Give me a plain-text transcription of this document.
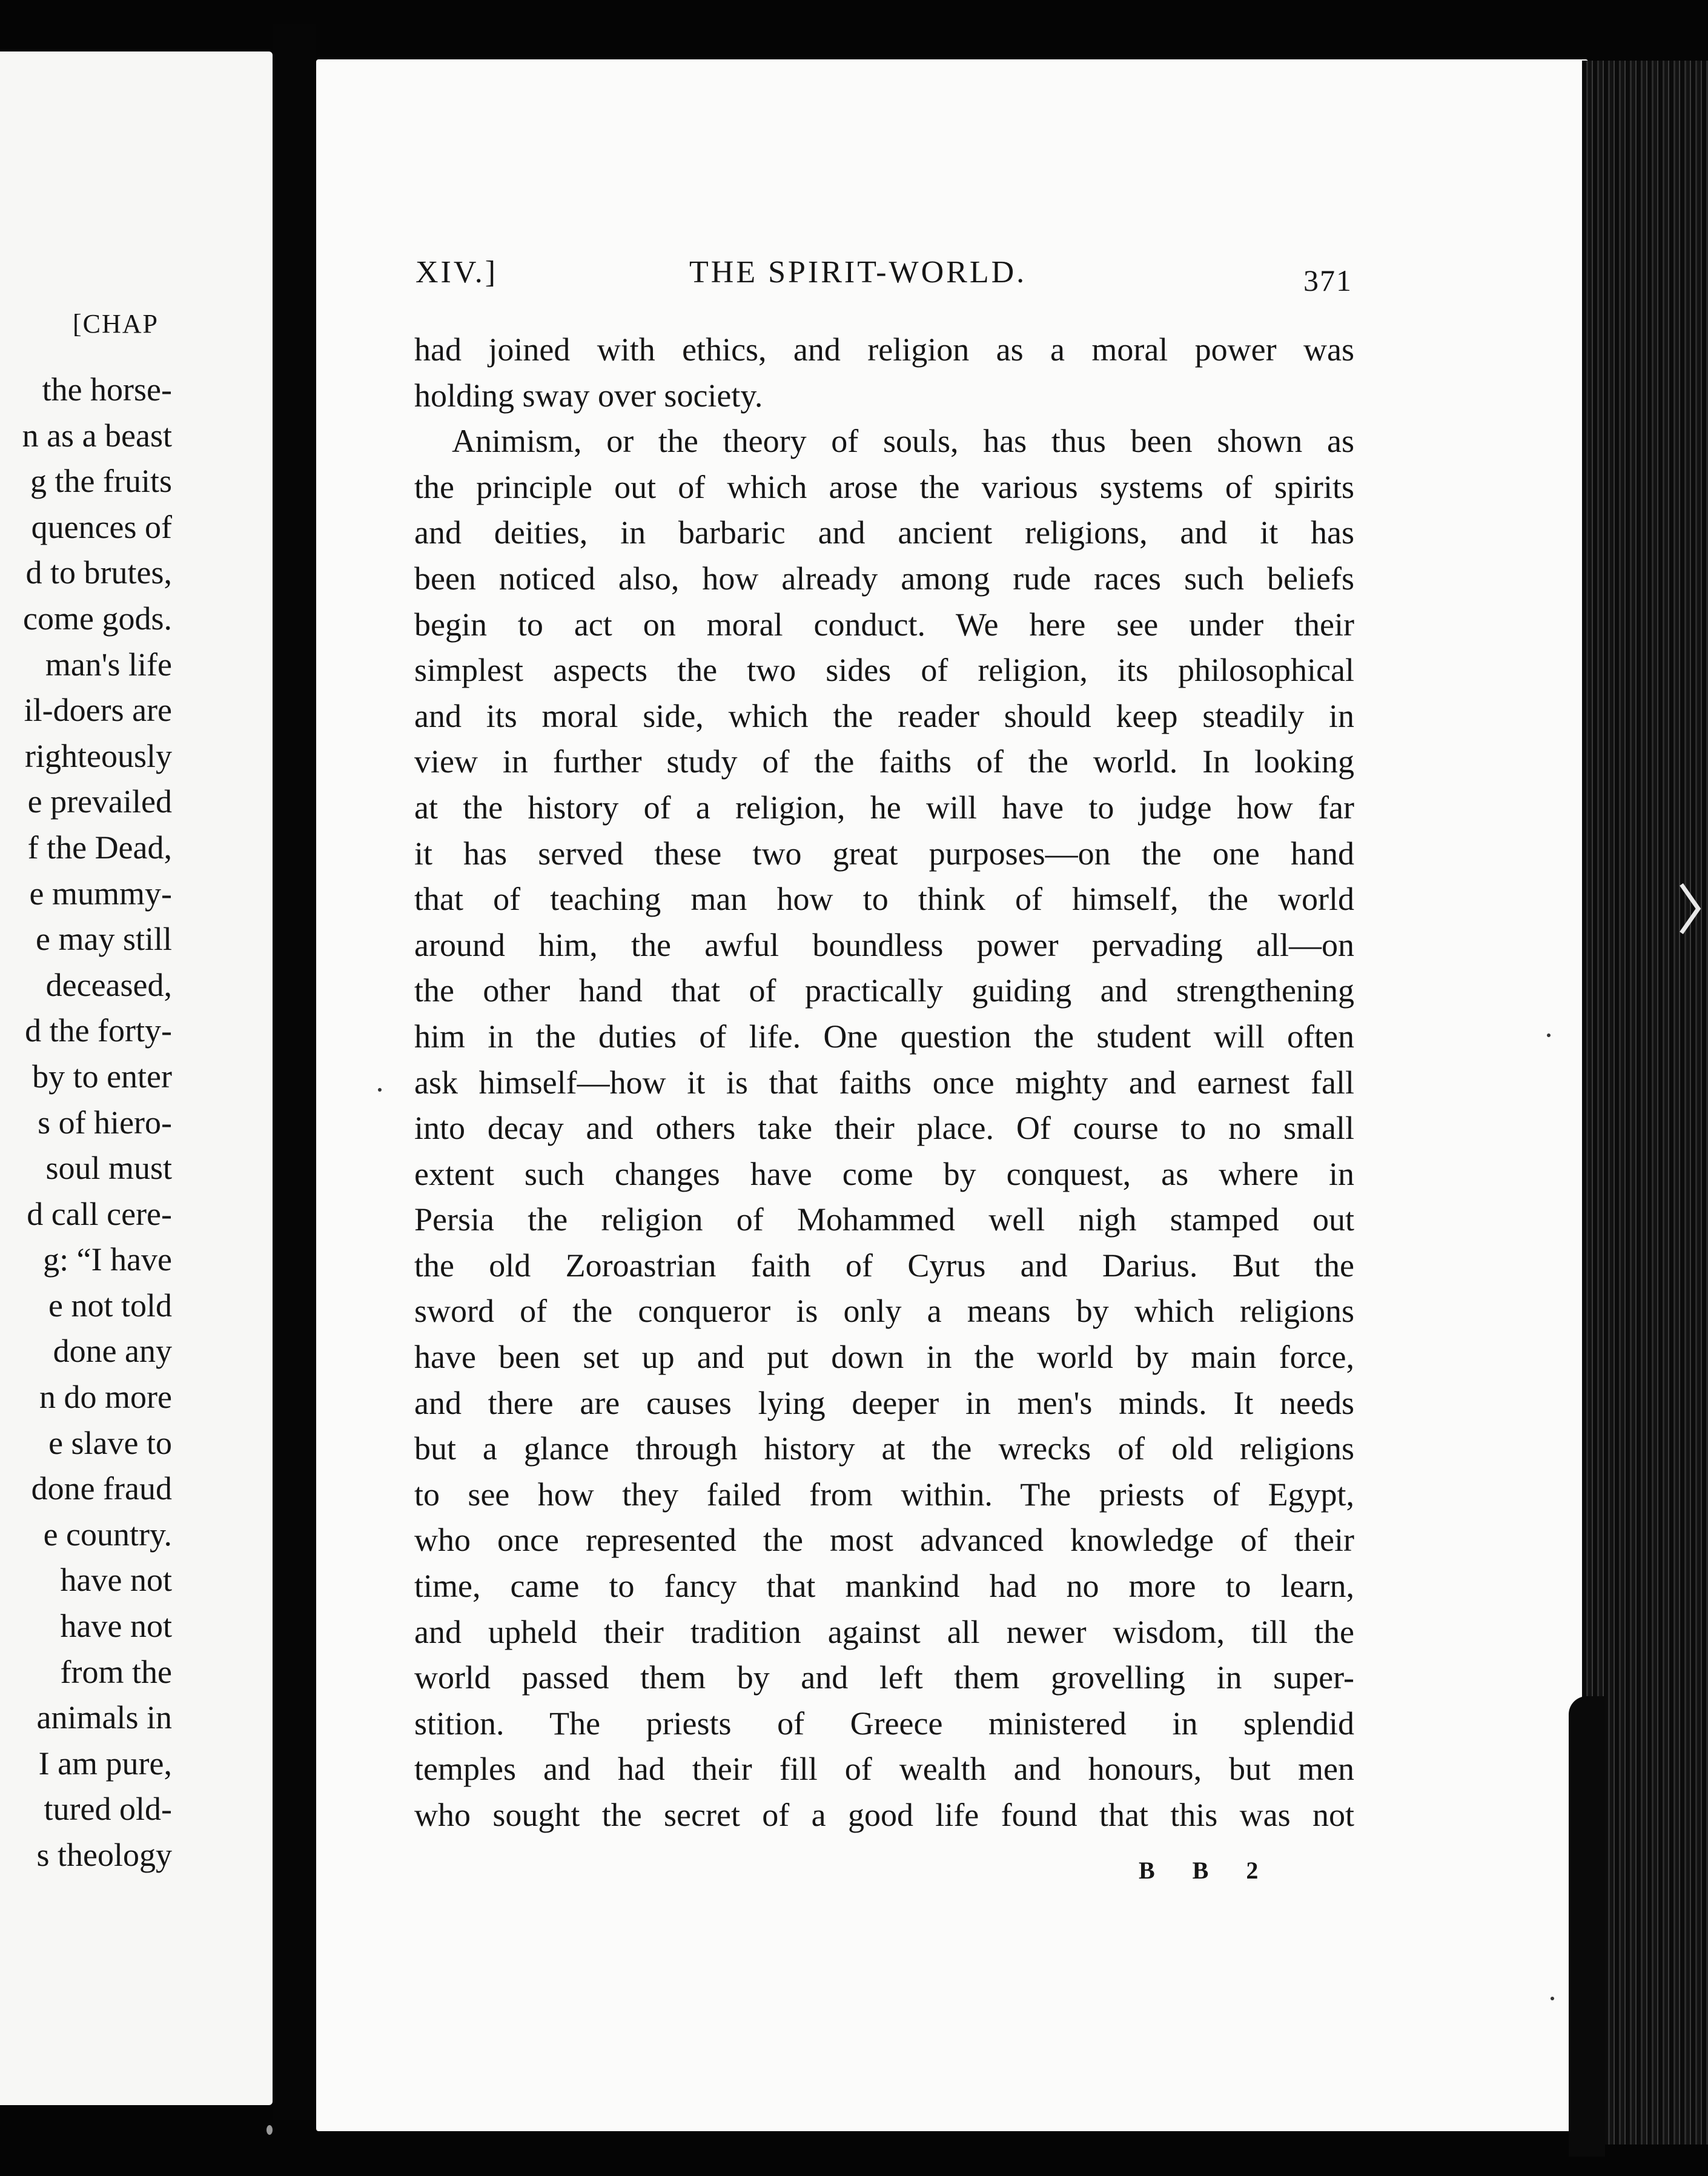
[CHAP
the horse-
n as a beast
g the fruits
quences of
d to brutes,
come gods.
man's life
il-doers are
righteously
e prevailed
f the Dead,
e mummy-
e may still
deceased,
d the forty-
by to enter
s of hiero-
soul must
d call cere-
g: “I have
e not told
done any
n do more
e slave to
done fraud
e country.
have not
have not
from the
animals in
I am pure,
tured old-
s theology
XIV.]	THE SPIRIT-WORLD.	371
had joined with ethics, and religion as a moral power was
holding sway over society.
Animism, or the theory of souls, has thus been shown as
the principle out of which arose the various systems of spirits
and deities, in barbaric and ancient religions, and it has
been noticed also, how already among rude races such beliefs
begin to act on moral conduct. We here see under their
simplest aspects the two sides of religion, its philosophical
and its moral side, which the reader should keep steadily in
view in further study of the faiths of the world. In looking
at the history of a religion, he will have to judge how far
it has served these two great purposes—on the one hand
that of teaching man how to think of himself, the world
around him, the awful boundless power pervading all—on
the other hand that of practically guiding and strengthening
him in the duties of life. One question the student will often
ask himself—how it is that faiths once mighty and earnest fall
into decay and others take their place. Of course to no small
extent such changes have come by conquest, as where in
Persia the religion of Mohammed well nigh stamped out
the old Zoroastrian faith of Cyrus and Darius. But the
sword of the conqueror is only a means by which religions
have been set up and put down in the world by main force,
and there are causes lying deeper in men's minds. It needs
but a glance through history at the wrecks of old religions
to see how they failed from within. The priests of Egypt,
who once represented the most advanced knowledge of their
time, came to fancy that mankind had no more to learn,
and upheld their tradition against all newer wisdom, till the
world passed them by and left them grovelling in super-
stition. The priests of Greece ministered in splendid
temples and had their fill of wealth and honours, but men
who sought the secret of a good life found that this was not
B B 2
